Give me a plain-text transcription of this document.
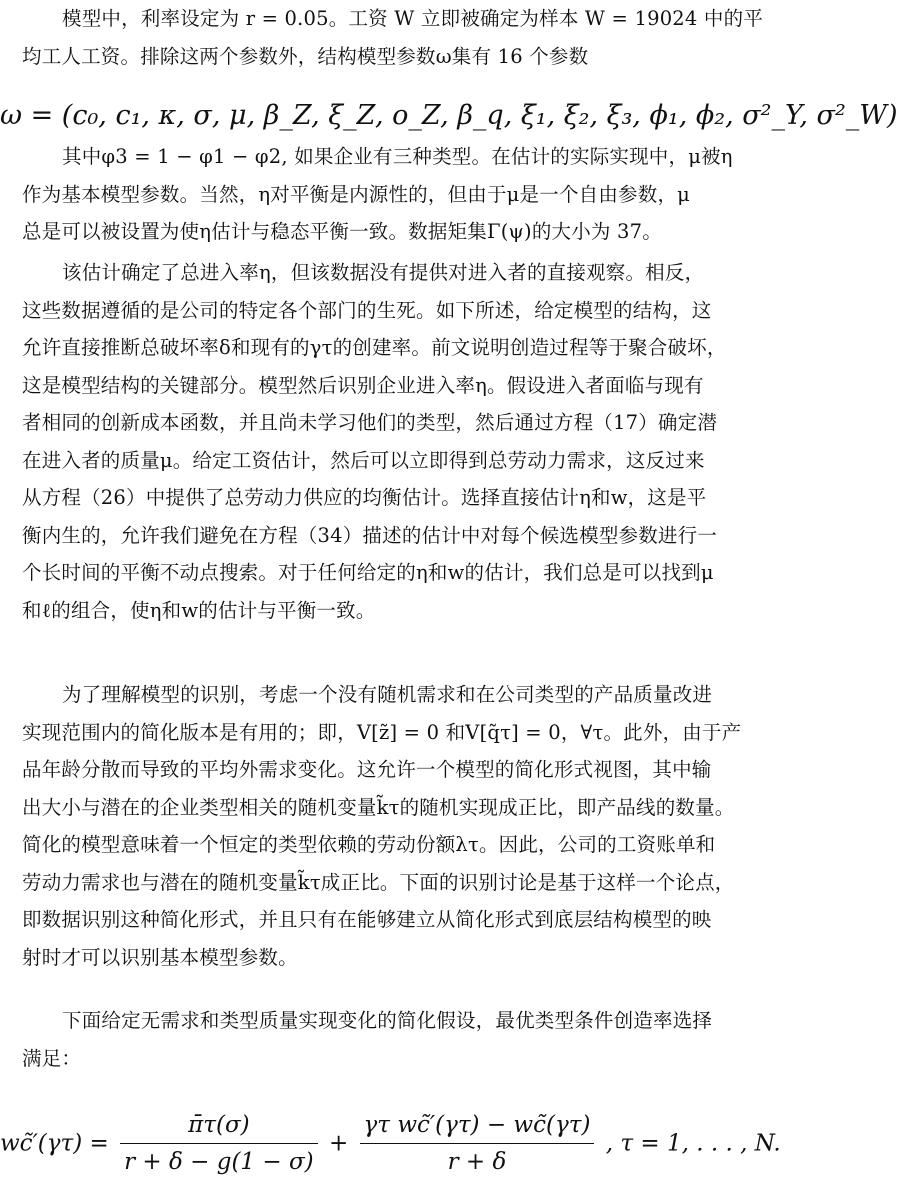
模型中，利率设定为 r = 0.05。工资 W 立即被确定为样本 W = 19024 中的平
均工人工资。排除这两个参数外，结构模型参数ω集有 16 个参数
ω = (c₀, c₁, κ, σ, μ, β_Z, ξ_Z, o_Z, β_q, ξ₁, ξ₂, ξ₃, ϕ₁, ϕ₂, σ²_Y, σ²_W)
其中φ3 = 1 − φ1 − φ2, 如果企业有三种类型。在估计的实际实现中，μ被η
作为基本模型参数。当然，η对平衡是内源性的，但由于μ是一个自由参数，μ
总是可以被设置为使η估计与稳态平衡一致。数据矩集Γ(ψ)的大小为 37。
该估计确定了总进入率η，但该数据没有提供对进入者的直接观察。相反，
这些数据遵循的是公司的特定各个部门的生死。如下所述，给定模型的结构，这
允许直接推断总破坏率δ和现有的γτ的创建率。前文说明创造过程等于聚合破坏，
这是模型结构的关键部分。模型然后识别企业进入率η。假设进入者面临与现有
者相同的创新成本函数，并且尚未学习他们的类型，然后通过方程（17）确定潜
在进入者的质量μ。给定工资估计，然后可以立即得到总劳动力需求，这反过来
从方程（26）中提供了总劳动力供应的均衡估计。选择直接估计η和w，这是平
衡内生的，允许我们避免在方程（34）描述的估计中对每个候选模型参数进行一
个长时间的平衡不动点搜索。对于任何给定的η和w的估计，我们总是可以找到μ
和ℓ的组合，使η和w的估计与平衡一致。
为了理解模型的识别，考虑一个没有随机需求和在公司类型的产品质量改进
实现范围内的简化版本是有用的；即，V[z̃] = 0 和V[q̃τ] = 0，∀τ。此外，由于产
品年龄分散而导致的平均外需求变化。这允许一个模型的简化形式视图，其中输
出大小与潜在的企业类型相关的随机变量k̃τ的随机实现成正比，即产品线的数量。
简化的模型意味着一个恒定的类型依赖的劳动份额λτ。因此，公司的工资账单和
劳动力需求也与潜在的随机变量k̃τ成正比。下面的识别讨论是基于这样一个论点，
即数据识别这种简化形式，并且只有在能够建立从简化形式到底层结构模型的映
射时才可以识别基本模型参数。
下面给定无需求和类型质量实现变化的简化假设，最优类型条件创造率选择
满足：
wc̃′(γτ) = $\frac{\pī\tau(\sigma)}{r + \delta - g(1 - \sigma)} + \frac{\text{γτ wc̃′(γτ) − wc̃(γτ)}}{r + \delta}$ , τ = 1, . . . , N.
